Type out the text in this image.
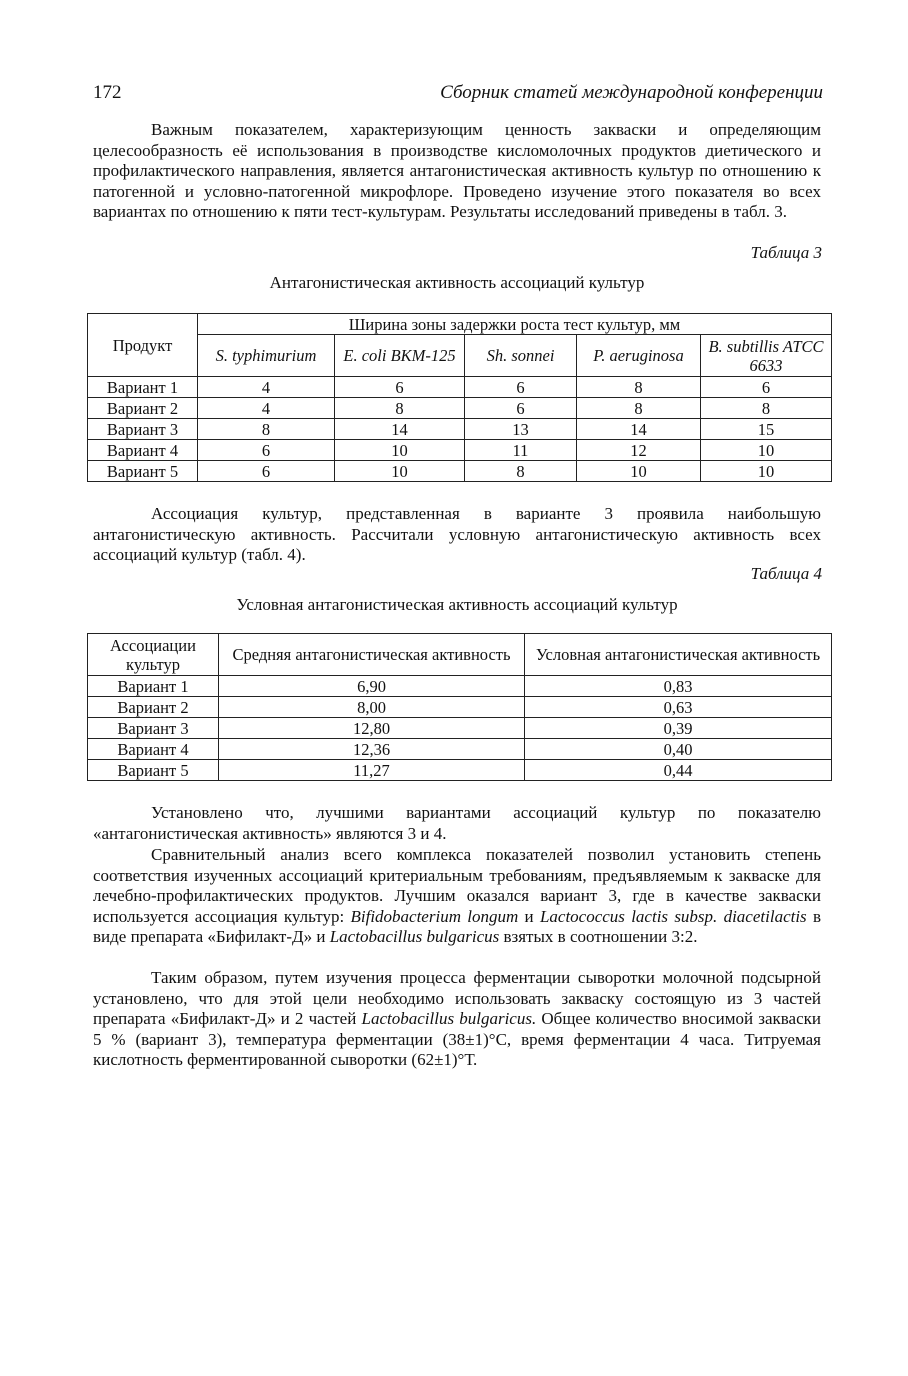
172	Сборник статей международной конференции

Важным показателем, характеризующим ценность закваски и определяющим целесообразность её использования в производстве кисломолочных продуктов диетического и профилактического направления, является антагонистическая активность культур по отношению к патогенной и условно-патогенной микрофлоре. Проведено изучение этого показателя во всех вариантах по отношению к пяти тест-культурам. Результаты исследований приведены в табл. 3.

Таблица 3
Антагонистическая активность ассоциаций культур
Продукт	Ширина зоны задержки роста тест культур, мм				
	S. typhimurium	E. coli ВКМ-125	Sh. sonnei	P. aeruginosa	B. subtillis ATCC 6633
Вариант 1	4	6	6	8	6
Вариант 2	4	8	6	8	8
Вариант 3	8	14	13	14	15
Вариант 4	6	10	11	12	10
Вариант 5	6	10	8	10	10

Ассоциация культур, представленная в варианте 3 проявила наибольшую антагонистическую активность. Рассчитали условную антагонистическую активность всех ассоциаций культур (табл. 4).

Таблица 4
Условная антагонистическая активность ассоциаций культур
Ассоциации культур	Средняя антагонистическая активность	Условная антагонистическая активность
Вариант 1	6,90	0,83
Вариант 2	8,00	0,63
Вариант 3	12,80	0,39
Вариант 4	12,36	0,40
Вариант 5	11,27	0,44

Установлено что, лучшими вариантами ассоциаций культур по показателю «антагонистическая активность» являются 3 и 4.

Сравнительный анализ всего комплекса показателей позволил установить степень соответствия изученных ассоциаций критериальным требованиям, предъявляемым к закваске для лечебно-профилактических продуктов. Лучшим оказался вариант 3, где в качестве закваски используется ассоциация культур: Bifidobacterium longum и Lactococcus lactis subsp. diacetilactis в виде препарата «Бифилакт-Д» и Lactobacillus bulgaricus взятых в соотношении 3:2.

Таким образом, путем изучения процесса ферментации сыворотки молочной подсырной установлено, что для этой цели необходимо использовать закваску состоящую из 3 частей препарата «Бифилакт-Д» и 2 частей Lactobacillus bulgaricus. Общее количество вносимой закваски 5 % (вариант 3), температура ферментации (38±1)°С, время ферментации 4 часа. Титруемая кислотность ферментированной сыворотки (62±1)°Т.
